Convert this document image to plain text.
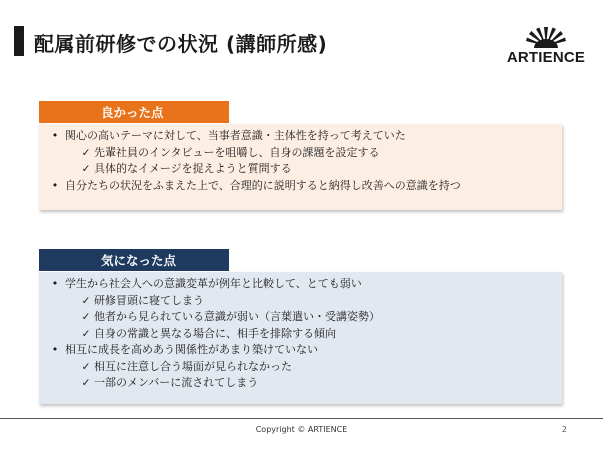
配属前研修での状況 (講師所感)
ARTIENCE
良かった点
• 関心の高いテーマに対して、当事者意識・主体性を持って考えていた
✓ 先輩社員のインタビューを咀嚼し、自身の課題を設定する
✓ 具体的なイメージを捉えようと質問する
• 自分たちの状況をふまえた上で、合理的に説明すると納得し改善への意識を持つ
気になった点
• 学生から社会人への意識変革が例年と比較して、とても弱い
✓ 研修冒頭に寝てしまう
✓ 他者から見られている意識が弱い（言葉遣い・受講姿勢）
✓ 自身の常識と異なる場合に、相手を排除する傾向
• 相互に成長を高めあう関係性があまり築けていない
✓ 相互に注意し合う場面が見られなかった
✓ 一部のメンバーに流されてしまう
Copyright © ARTIENCE	2
